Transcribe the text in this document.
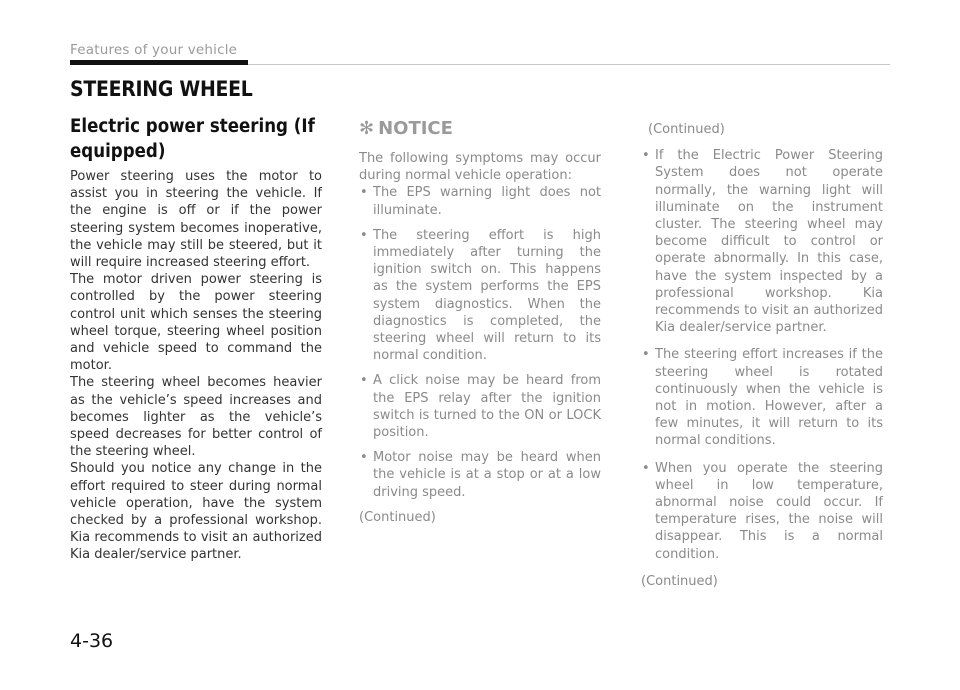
Features of your vehicle
STEERING WHEEL
Electric power steering (If equipped)

Power steering uses the motor to assist you in steering the vehicle. If the engine is off or if the power steering system becomes inoperative, the vehicle may still be steered, but it will require increased steering effort.

The motor driven power steering is controlled by the power steering control unit which senses the steering wheel torque, steering wheel position and vehicle speed to command the motor.

The steering wheel becomes heavier as the vehicle’s speed increases and becomes lighter as the vehicle’s speed decreases for better control of the steering wheel.

Should you notice any change in the effort required to steer during normal vehicle operation, have the system checked by a professional workshop. Kia recommends to visit an authorized Kia dealer/service partner.

✻ NOTICE

The following symptoms may occur during normal vehicle operation:

• The EPS warning light does not illuminate.
• The steering effort is high immediately after turning the ignition switch on. This happens as the system performs the EPS system diagnostics. When the diagnostics is completed, the steering wheel will return to its normal condition.
• A click noise may be heard from the EPS relay after the ignition switch is turned to the ON or LOCK position.
• Motor noise may be heard when the vehicle is at a stop or at a low driving speed.

(Continued)

(Continued)

• If the Electric Power Steering System does not operate normally, the warning light will illuminate on the instrument cluster. The steering wheel may become difficult to control or operate abnormally. In this case, have the system inspected by a professional workshop. Kia recommends to visit an authorized Kia dealer/service partner.
• The steering effort increases if the steering wheel is rotated continuously when the vehicle is not in motion. However, after a few minutes, it will return to its normal conditions.
• When you operate the steering wheel in low temperature, abnormal noise could occur. If temperature rises, the noise will disappear. This is a normal condition.

(Continued)

4-36
